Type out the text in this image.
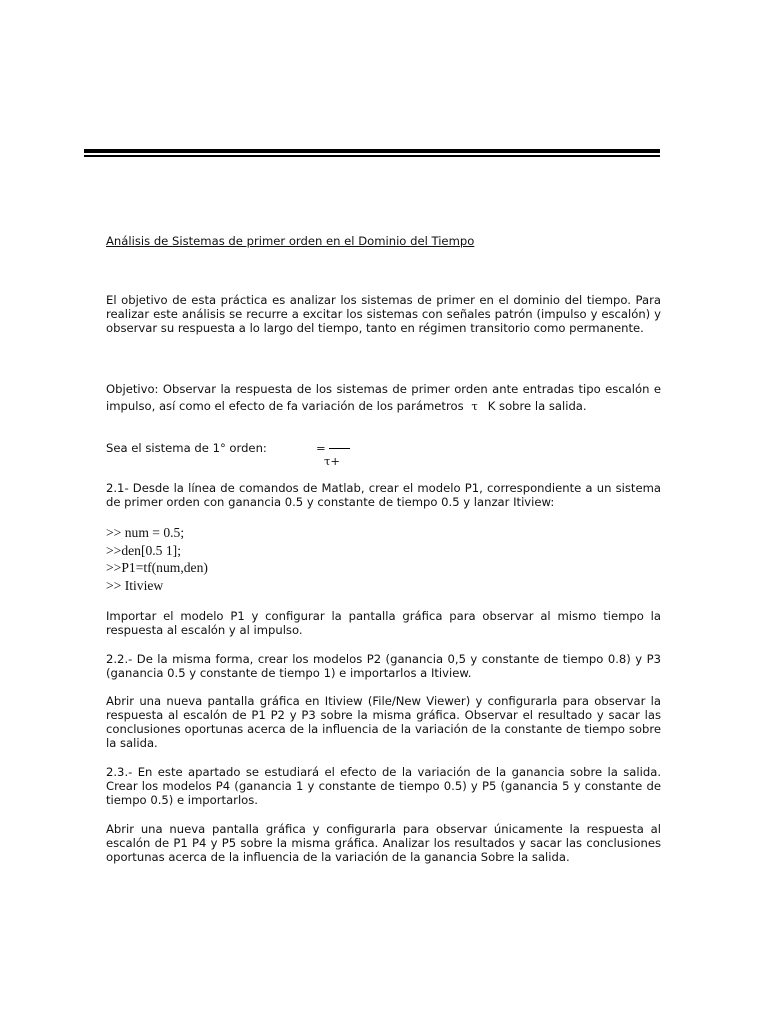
Análisis de Sistemas de primer orden en el Dominio del Tiempo
El objetivo de esta práctica es analizar los sistemas de primer en el dominio del tiempo. Para realizar este análisis se recurre a excitar los sistemas con señales patrón (impulso y escalón) y observar su respuesta a lo largo del tiempo, tanto en régimen transitorio como permanente.
Objetivo: Observar la respuesta de los sistemas de primer orden ante entradas tipo escalón e impulso, así como el efecto de fa variación de los parámetros τ K sobre la salida.
Sea el sistema de 1° orden:	=
τ+
2.1- Desde la línea de comandos de Matlab, crear el modelo P1, correspondiente a un sistema de primer orden con ganancia 0.5 y constante de tiempo 0.5 y lanzar Itiview:
>> num = 0.5;
>>den[0.5 1];
>>P1=tf(num,den)
>> Itiview
Importar el modelo P1 y configurar la pantalla gráfica para observar al mismo tiempo la respuesta al escalón y al impulso.
2.2.- De la misma forma, crear los modelos P2 (ganancia 0,5 y constante de tiempo 0.8) y P3 (ganancia 0.5 y constante de tiempo 1) e importarlos a Itiview.
Abrir una nueva pantalla gráfica en Itiview (File/New Viewer) y configurarla para observar la respuesta al escalón de P1 P2 y P3 sobre la misma gráfica. Observar el resultado y sacar las conclusiones oportunas acerca de la influencia de la variación de la constante de tiempo sobre la salida.
2.3.- En este apartado se estudiará el efecto de la variación de la ganancia sobre la salida. Crear los modelos P4 (ganancia 1 y constante de tiempo 0.5) y P5 (ganancia 5 y constante de tiempo 0.5) e importarlos.
Abrir una nueva pantalla gráfica y configurarla para observar únicamente la respuesta al escalón de P1 P4 y P5 sobre la misma gráfica. Analizar los resultados y sacar las conclusiones oportunas acerca de la influencia de la variación de la ganancia Sobre la salida.
